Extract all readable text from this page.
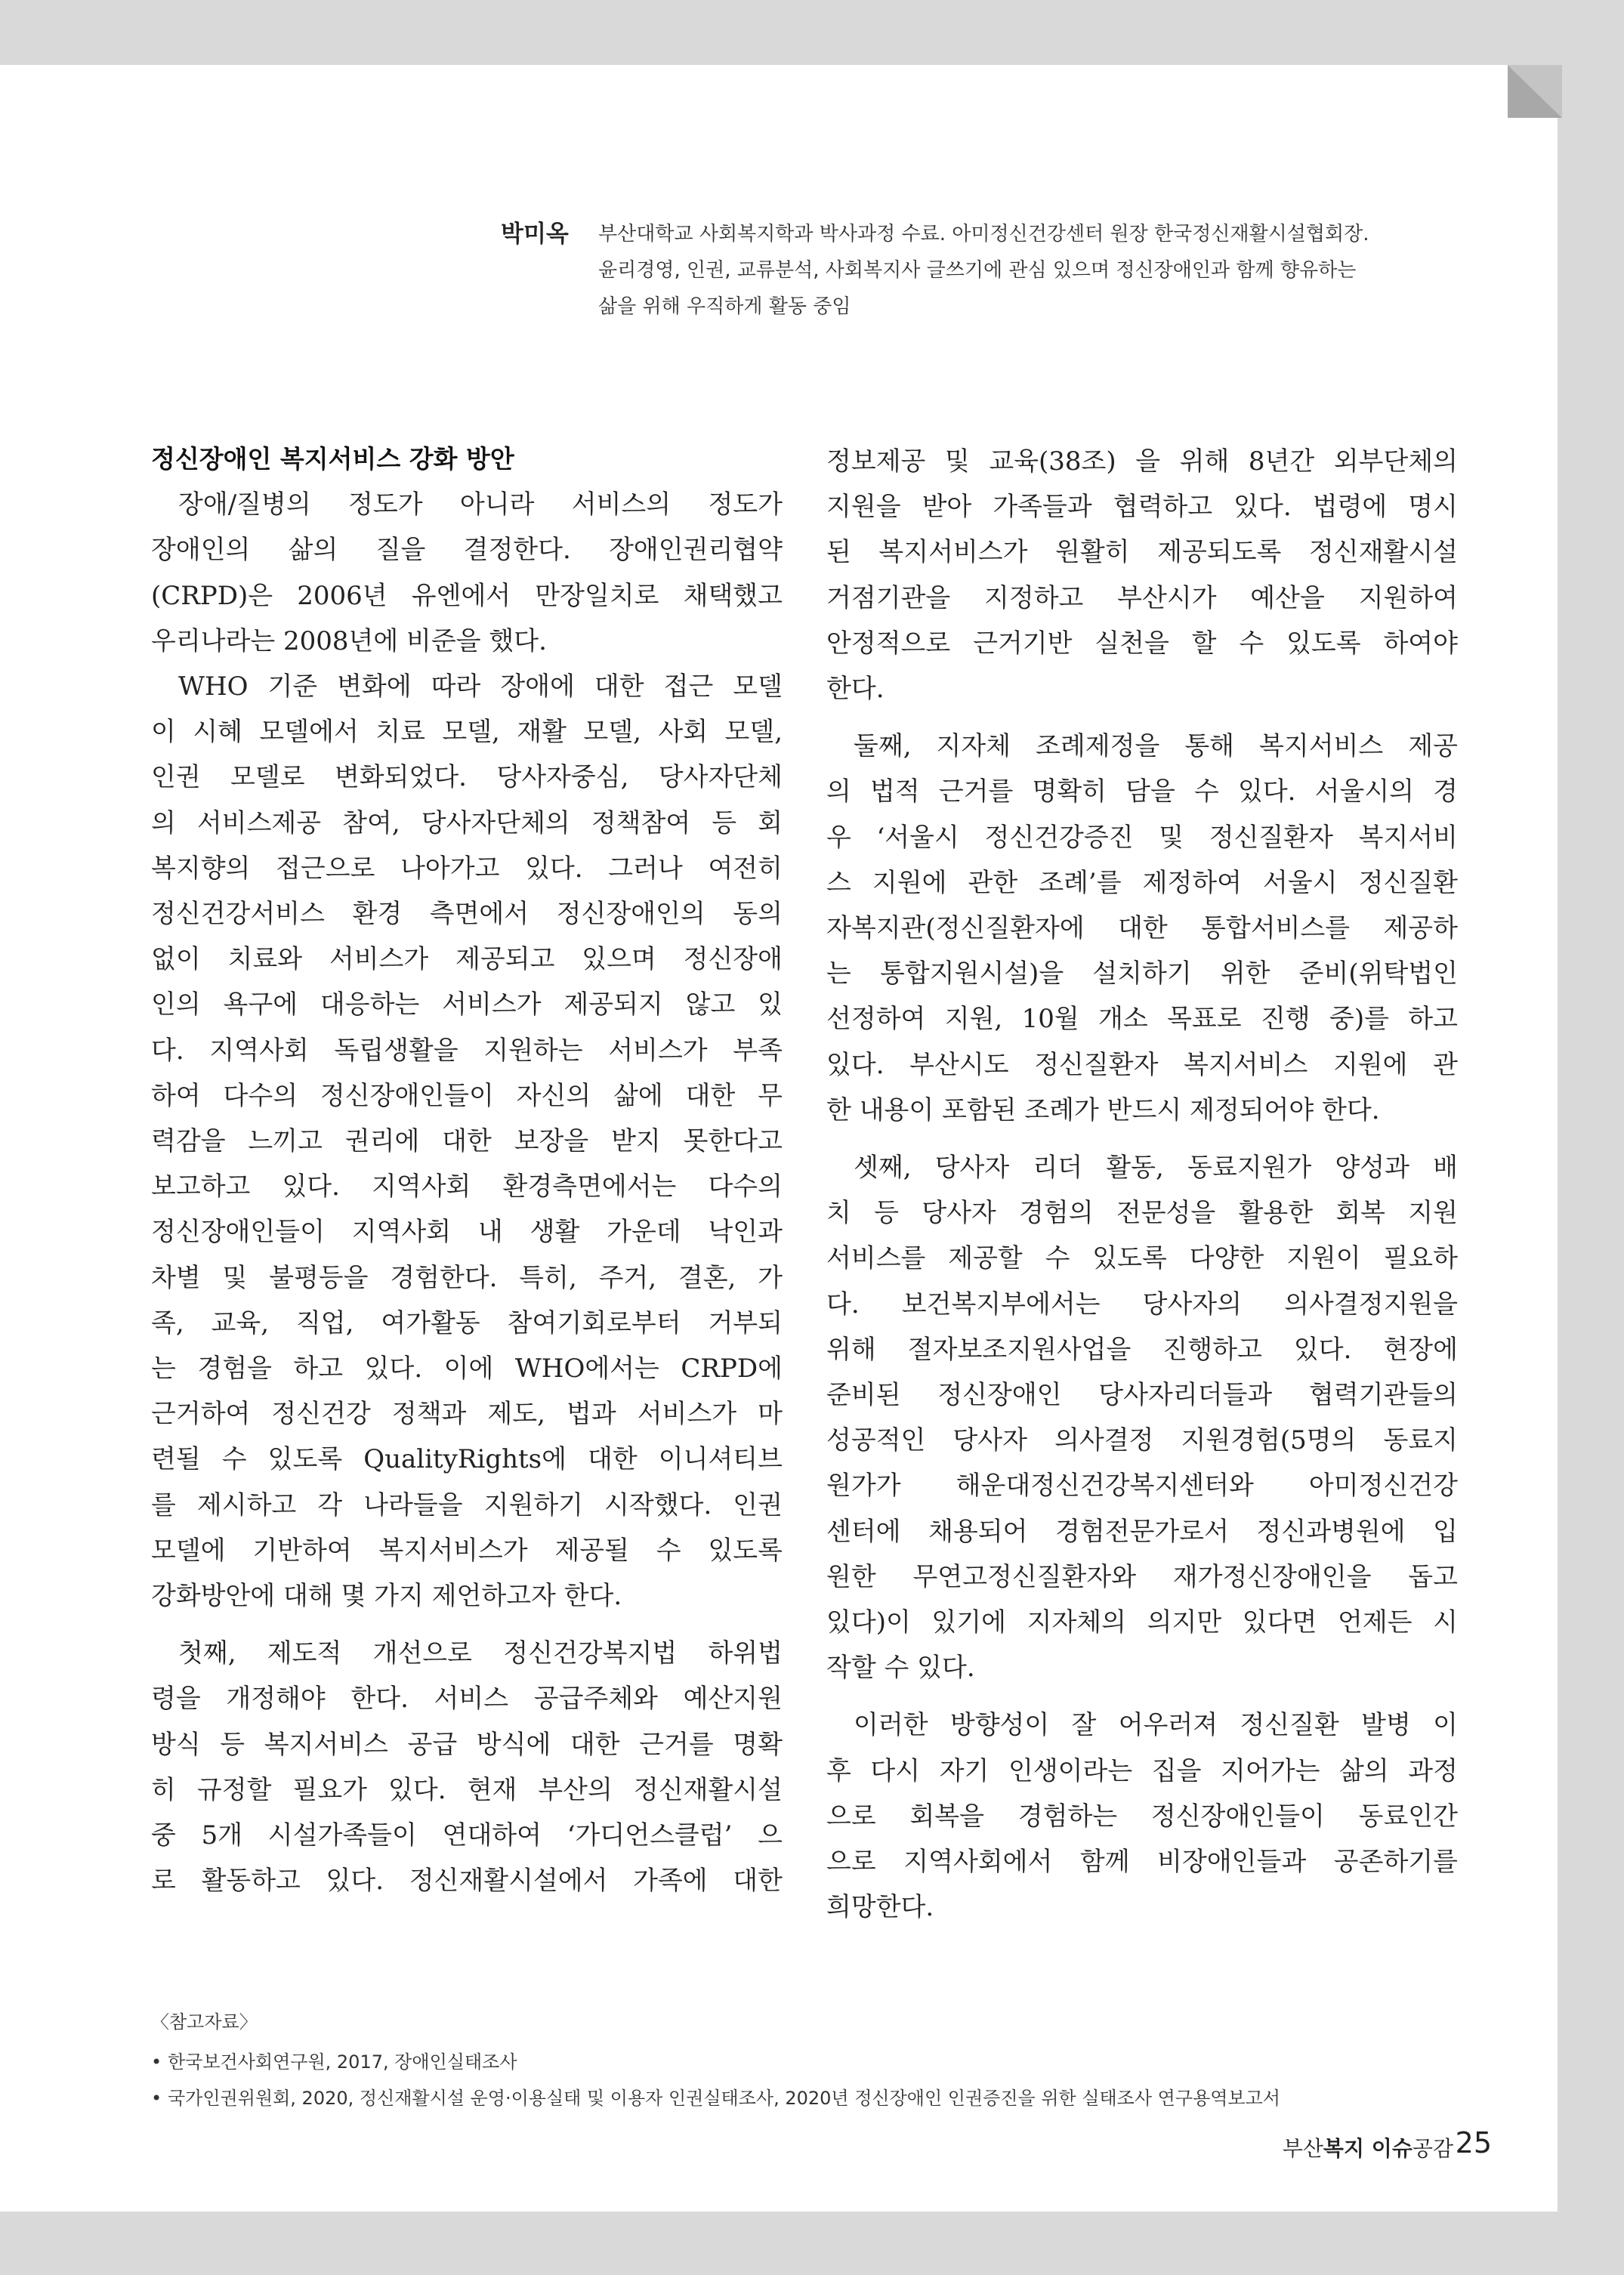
박미옥 부산대학교 사회복지학과 박사과정 수료. 아미정신건강센터 원장 한국정신재활시설협회장.
윤리경영, 인권, 교류분석, 사회복지사 글쓰기에 관심 있으며 정신장애인과 함께 향유하는
삶을 위해 우직하게 활동 중임
정신장애인 복지서비스 강화 방안
장애/질병의 정도가 아니라 서비스의 정도가
장애인의 삶의 질을 결정한다. 장애인권리협약
(CRPD)은 2006년 유엔에서 만장일치로 채택했고
우리나라는 2008년에 비준을 했다.
WHO 기준 변화에 따라 장애에 대한 접근 모델
이 시혜 모델에서 치료 모델, 재활 모델, 사회 모델,
인권 모델로 변화되었다. 당사자중심, 당사자단체
의 서비스제공 참여, 당사자단체의 정책참여 등 회
복지향의 접근으로 나아가고 있다. 그러나 여전히
정신건강서비스 환경 측면에서 정신장애인의 동의
없이 치료와 서비스가 제공되고 있으며 정신장애
인의 욕구에 대응하는 서비스가 제공되지 않고 있
다. 지역사회 독립생활을 지원하는 서비스가 부족
하여 다수의 정신장애인들이 자신의 삶에 대한 무
력감을 느끼고 권리에 대한 보장을 받지 못한다고
보고하고 있다. 지역사회 환경측면에서는 다수의
정신장애인들이 지역사회 내 생활 가운데 낙인과
차별 및 불평등을 경험한다. 특히, 주거, 결혼, 가
족, 교육, 직업, 여가활동 참여기회로부터 거부되
는 경험을 하고 있다. 이에 WHO에서는 CRPD에
근거하여 정신건강 정책과 제도, 법과 서비스가 마
련될 수 있도록 QualityRights에 대한 이니셔티브
를 제시하고 각 나라들을 지원하기 시작했다. 인권
모델에 기반하여 복지서비스가 제공될 수 있도록
강화방안에 대해 몇 가지 제언하고자 한다.
첫째, 제도적 개선으로 정신건강복지법 하위법
령을 개정해야 한다. 서비스 공급주체와 예산지원
방식 등 복지서비스 공급 방식에 대한 근거를 명확
히 규정할 필요가 있다. 현재 부산의 정신재활시설
중 5개 시설가족들이 연대하여 ‘가디언스클럽’ 으
로 활동하고 있다. 정신재활시설에서 가족에 대한
정보제공 및 교육(38조) 을 위해 8년간 외부단체의
지원을 받아 가족들과 협력하고 있다. 법령에 명시
된 복지서비스가 원활히 제공되도록 정신재활시설
거점기관을 지정하고 부산시가 예산을 지원하여
안정적으로 근거기반 실천을 할 수 있도록 하여야
한다.
둘째, 지자체 조례제정을 통해 복지서비스 제공
의 법적 근거를 명확히 담을 수 있다. 서울시의 경
우 ‘서울시 정신건강증진 및 정신질환자 복지서비
스 지원에 관한 조례’를 제정하여 서울시 정신질환
자복지관(정신질환자에 대한 통합서비스를 제공하
는 통합지원시설)을 설치하기 위한 준비(위탁법인
선정하여 지원, 10월 개소 목표로 진행 중)를 하고
있다. 부산시도 정신질환자 복지서비스 지원에 관
한 내용이 포함된 조례가 반드시 제정되어야 한다.
셋째, 당사자 리더 활동, 동료지원가 양성과 배
치 등 당사자 경험의 전문성을 활용한 회복 지원
서비스를 제공할 수 있도록 다양한 지원이 필요하
다. 보건복지부에서는 당사자의 의사결정지원을
위해 절자보조지원사업을 진행하고 있다. 현장에
준비된 정신장애인 당사자리더들과 협력기관들의
성공적인 당사자 의사결정 지원경험(5명의 동료지
원가가 해운대정신건강복지센터와 아미정신건강
센터에 채용되어 경험전문가로서 정신과병원에 입
원한 무연고정신질환자와 재가정신장애인을 돕고
있다)이 있기에 지자체의 의지만 있다면 언제든 시
작할 수 있다.
이러한 방향성이 잘 어우러져 정신질환 발병 이
후 다시 자기 인생이라는 집을 지어가는 삶의 과정
으로 회복을 경험하는 정신장애인들이 동료인간
으로 지역사회에서 함께 비장애인들과 공존하기를
희망한다.
〈참고자료〉
• 한국보건사회연구원, 2017, 장애인실태조사
• 국가인권위원회, 2020, 정신재활시설 운영·이용실태 및 이용자 인권실태조사, 2020년 정신장애인 인권증진을 위한 실태조사 연구용역보고서
부산복지 이슈공감 25
